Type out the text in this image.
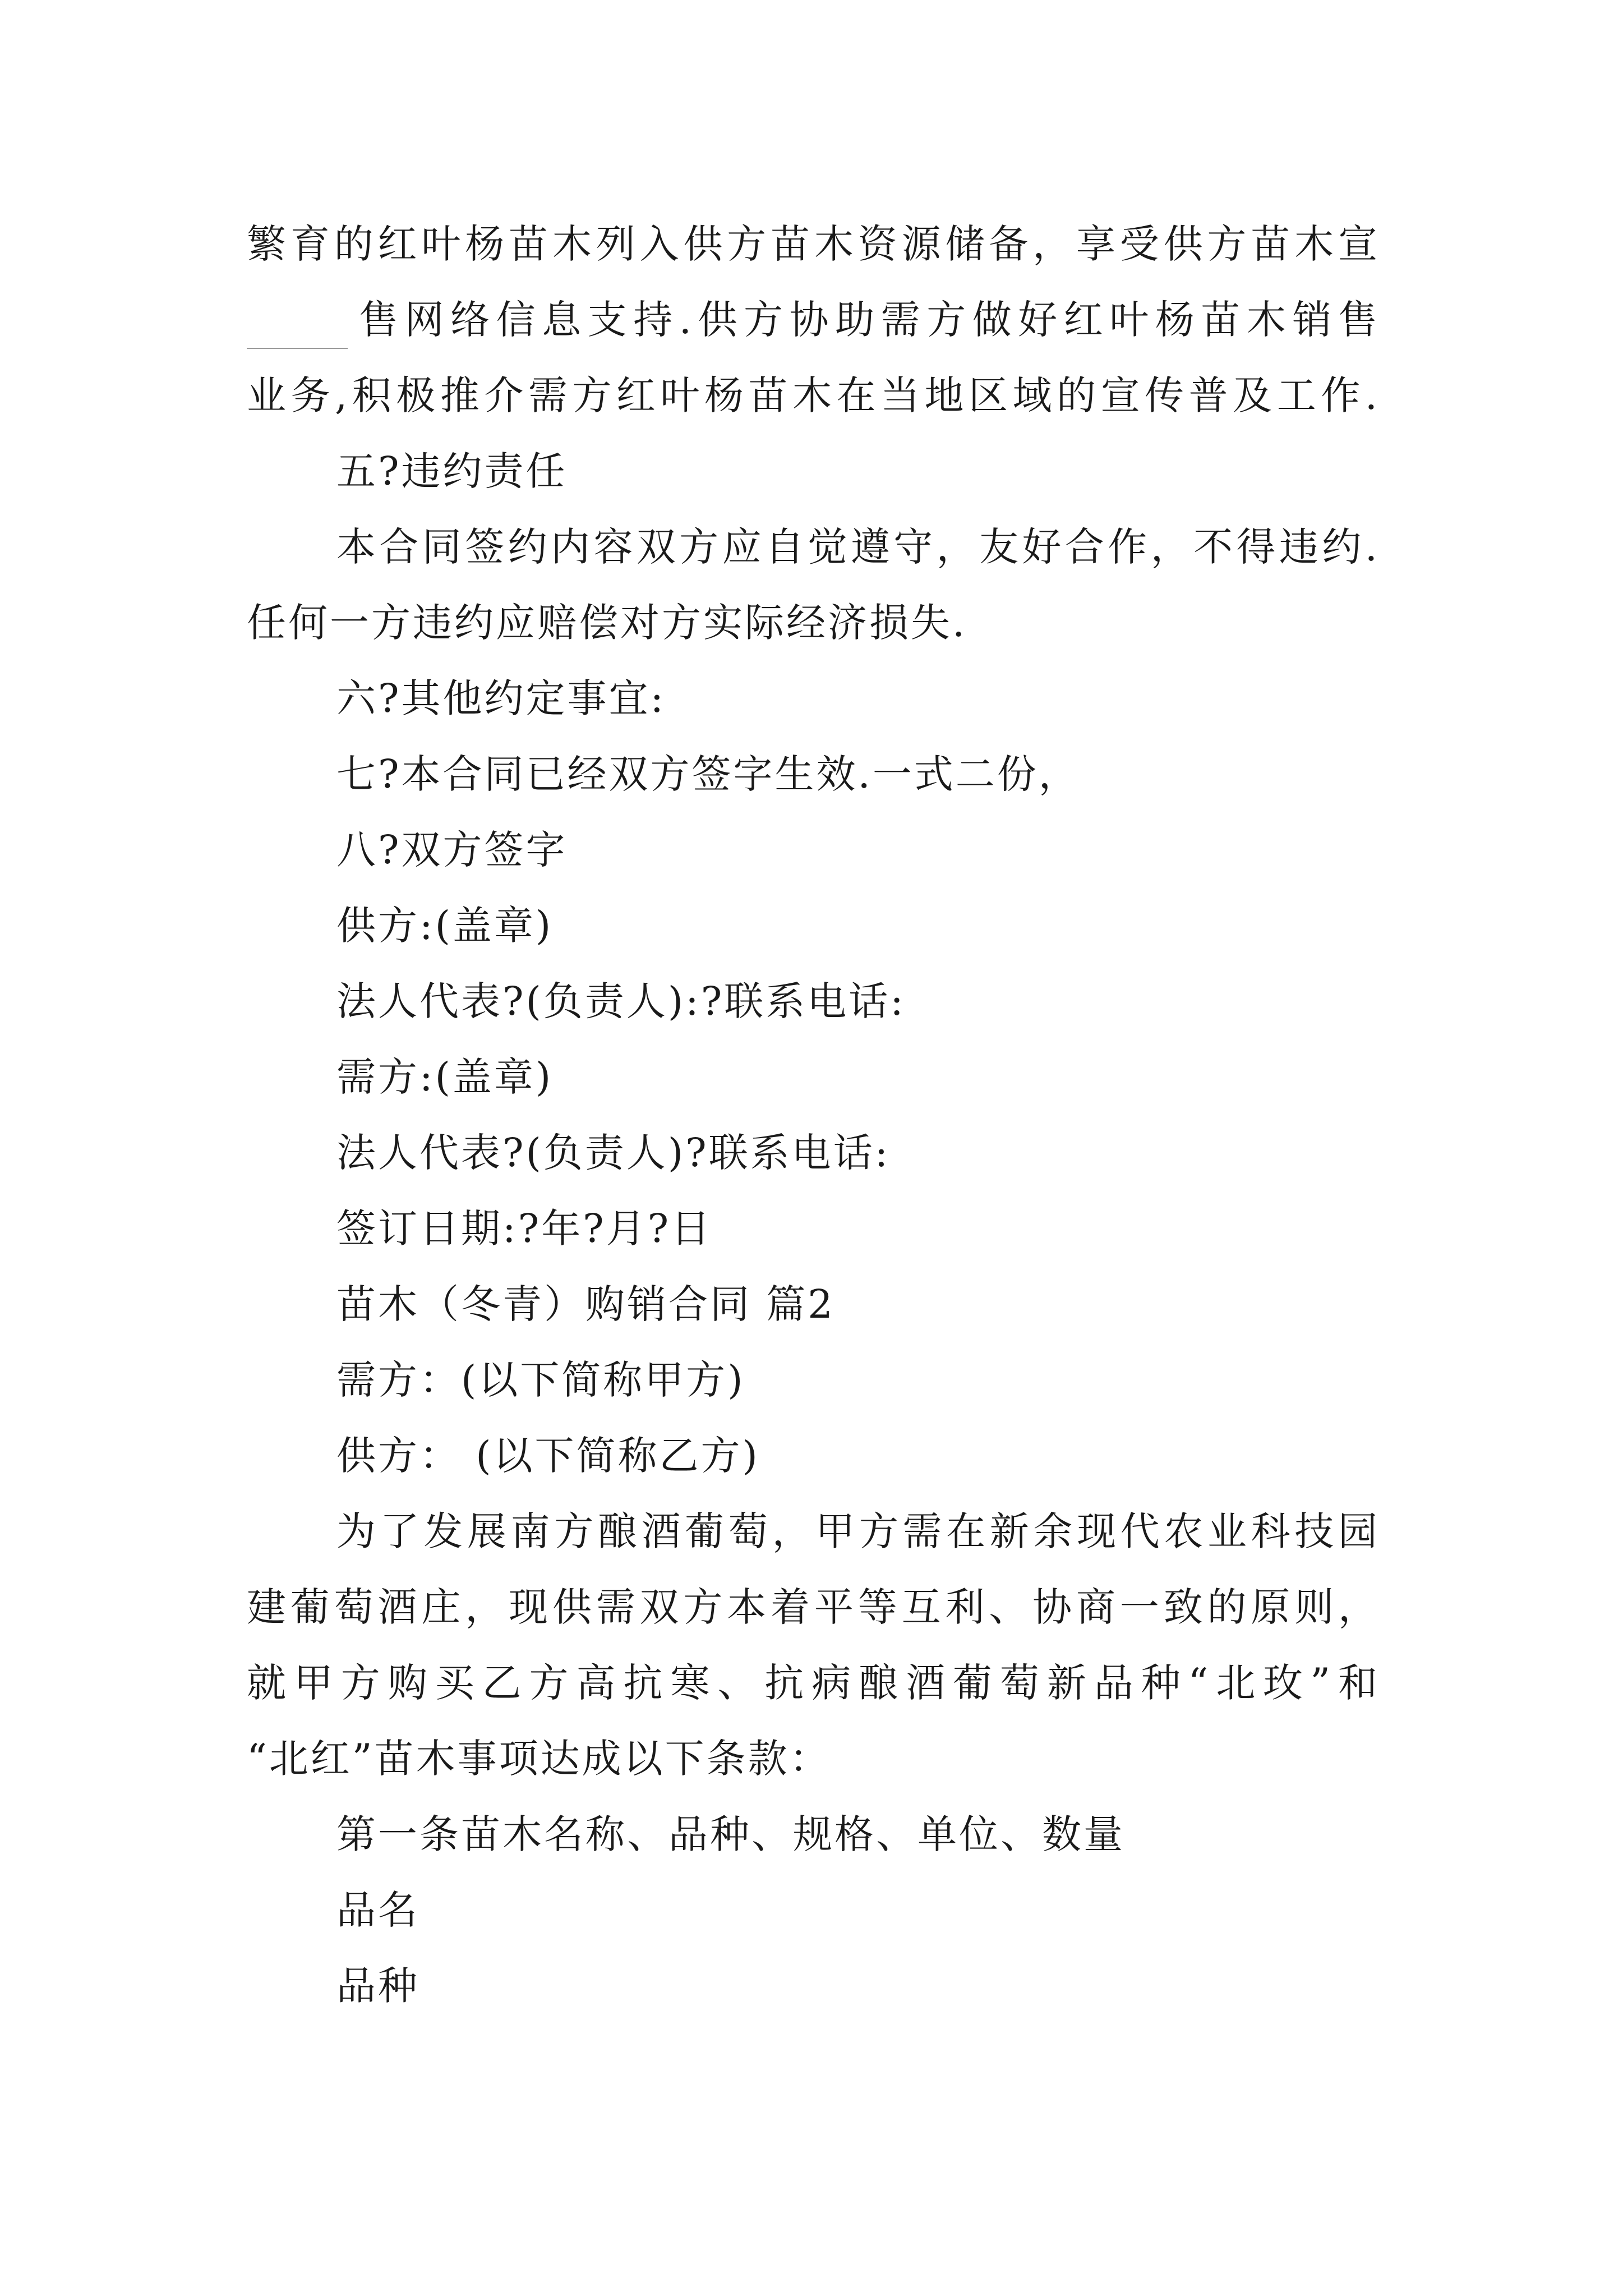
繁育的红叶杨苗木列入供方苗木资源储备，享受供方苗木宣
售网络信息支持.供方协助需方做好红叶杨苗木销售
业务,积极推介需方红叶杨苗木在当地区域的宣传普及工作.
五?违约责任
本合同签约内容双方应自觉遵守，友好合作，不得违约.
任何一方违约应赔偿对方实际经济损失.
六?其他约定事宜:
七?本合同已经双方签字生效.一式二份，
八?双方签字
供方:(盖章)
法人代表?(负责人):?联系电话:
需方:(盖章)
法人代表?(负责人)?联系电话:
签订日期:?年?月?日
苗木（冬青）购销合同 篇2
需方：(以下简称甲方)
供方： (以下简称乙方)
为了发展南方酿酒葡萄，甲方需在新余现代农业科技园
建葡萄酒庄，现供需双方本着平等互利、协商一致的原则，
就甲方购买乙方高抗寒、抗病酿酒葡萄新品种“北玫”和
“北红”苗木事项达成以下条款：
第一条苗木名称、品种、规格、单位、数量
品名
品种
